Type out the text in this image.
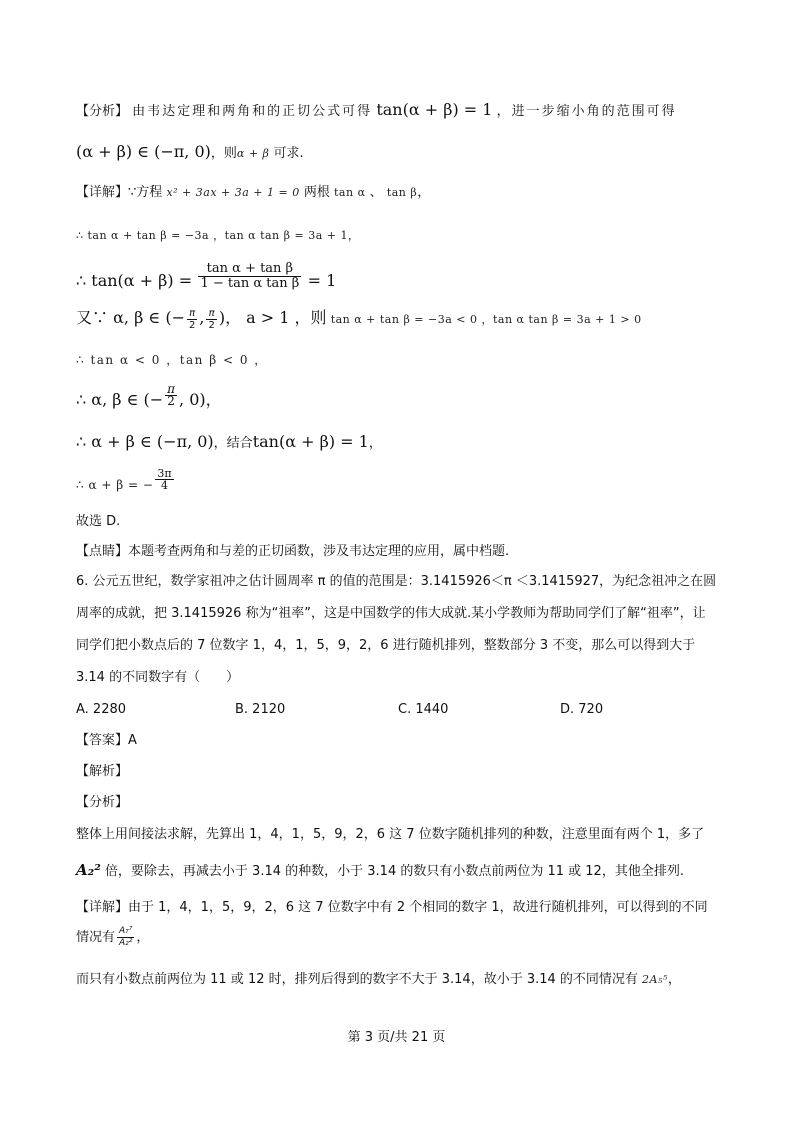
【分析】 由韦达定理和两角和的正切公式可得 tan(α + β) = 1 ，进一步缩小角的范围可得
(α + β) ∈ (−π, 0)，则α + β 可求.
【详解】∵方程 x² + 3ax + 3a + 1 = 0 两根 tan α 、 tan β，
∴ tan α + tan β = −3a ，tan α tan β = 3a + 1，
∴ $\tan(\alpha + \beta) = \frac{\text{tan α + tan β}}{\text{1 − tan α tan β}} = 1$
又∵ α, β ∈ (− $\frac{\pi}{2}$ , $\frac{\pi}{2}$ )， a > 1 ，则 tan α + tan β = −3a < 0 ，tan α tan β = 3a + 1 > 0
∴ tan α < 0 ，tan β < 0 ，
∴ α, β ∈ (− $\frac{\pi}{2}$ , 0)，
∴ α + β ∈ (−π, 0)，结合tan(α + β) = 1，
∴ α + β = − $\frac{3\pi}{4}$
故选 D.
【点睛】本题考查两角和与差的正切函数，涉及韦达定理的应用，属中档题.
6. 公元五世纪，数学家祖冲之估计圆周率 π 的值的范围是：3.1415926＜π ＜3.1415927，为纪念祖冲之在圆
周率的成就，把 3.1415926 称为“祖率”，这是中国数学的伟大成就.某小学教师为帮助同学们了解“祖率”，让
同学们把小数点后的 7 位数字 1，4，1，5，9，2，6 进行随机排列，整数部分 3 不变，那么可以得到大于
3.14 的不同数字有（　　）
A. 2280	B. 2120	C. 1440	D. 720
【答案】A
【解析】
【分析】
整体上用间接法求解，先算出 1，4，1，5，9，2，6 这 7 位数字随机排列的种数，注意里面有两个 1，多了
A₂² 倍，要除去，再减去小于 3.14 的种数，小于 3.14 的数只有小数点前两位为 11 或 12，其他全排列.
【详解】由于 1，4，1，5，9，2，6 这 7 位数字中有 2 个相同的数字 1，故进行随机排列，可以得到的不同
情况有 $\frac{\text{A₇⁷}}{\text{A₂²}}$ ，
而只有小数点前两位为 11 或 12 时，排列后得到的数字不大于 3.14，故小于 3.14 的不同情况有 2A₅⁵，
第 3 页/共 21 页
